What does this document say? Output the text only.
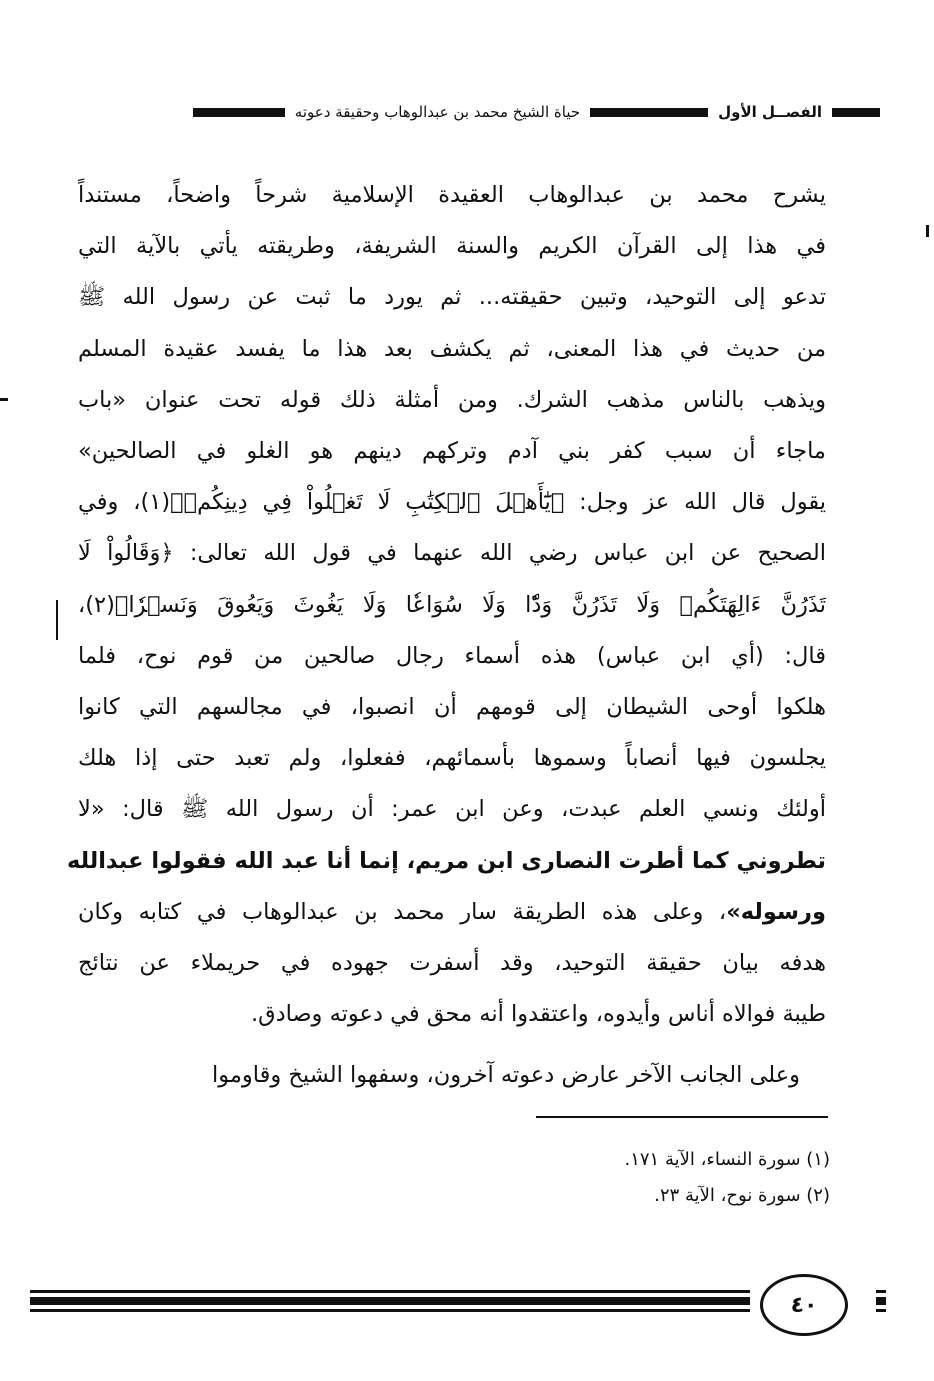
الفصــل الأول
حياة الشيخ محمد بن عبدالوهاب وحقيقة دعوته

يشرح محمد بن عبدالوهاب العقيدة الإسلامية شرحاً واضحاً، مستنداً
في هذا إلى القرآن الكريم والسنة الشريفة، وطريقته يأتي بالآية التي
تدعو إلى التوحيد، وتبين حقيقته... ثم يورد ما ثبت عن رسول الله ﷺ
من حديث في هذا المعنى، ثم يكشف بعد هذا ما يفسد عقيدة المسلم
ويذهب بالناس مذهب الشرك. ومن أمثلة ذلك قوله تحت عنوان «باب
ماجاء أن سبب كفر بني آدم وتركهم دينهم هو الغلو في الصالحين»
يقول قال الله عز وجل: ﴿يَٰٓأَهۡلَ ٱلۡكِتَٰبِ لَا تَغۡلُواْ فِي دِينِكُمۡ﴾(١)، وفي
الصحيح عن ابن عباس رضي الله عنهما في قول الله تعالى: ﴿وَقَالُواْ لَا
تَذَرُنَّ ءَالِهَتَكُمۡ وَلَا تَذَرُنَّ وَدّٗا وَلَا سُوَاعٗا وَلَا يَغُوثَ وَيَعُوقَ وَنَسۡرٗا﴾(٢)،
قال: (أي ابن عباس) هذه أسماء رجال صالحين من قوم نوح، فلما
هلكوا أوحى الشيطان إلى قومهم أن انصبوا، في مجالسهم التي كانوا
يجلسون فيها أنصاباً وسموها بأسمائهم، ففعلوا، ولم تعبد حتى إذا هلك
أولئك ونسي العلم عبدت، وعن ابن عمر: أن رسول الله ﷺ قال: «لا
تطروني كما أطرت النصارى ابن مريم، إنما أنا عبد الله فقولوا عبدالله
ورسوله»، وعلى هذه الطريقة سار محمد بن عبدالوهاب في كتابه وكان
هدفه بيان حقيقة التوحيد، وقد أسفرت جهوده في حريملاء عن نتائج
طيبة فوالاه أناس وأيدوه، واعتقدوا أنه محق في دعوته وصادق.

وعلى الجانب الآخر عارض دعوته آخرون، وسفهوا الشيخ وقاوموا

(١) سورة النساء، الآية ١٧١.
(٢) سورة نوح، الآية ٢٣.
٤٠
